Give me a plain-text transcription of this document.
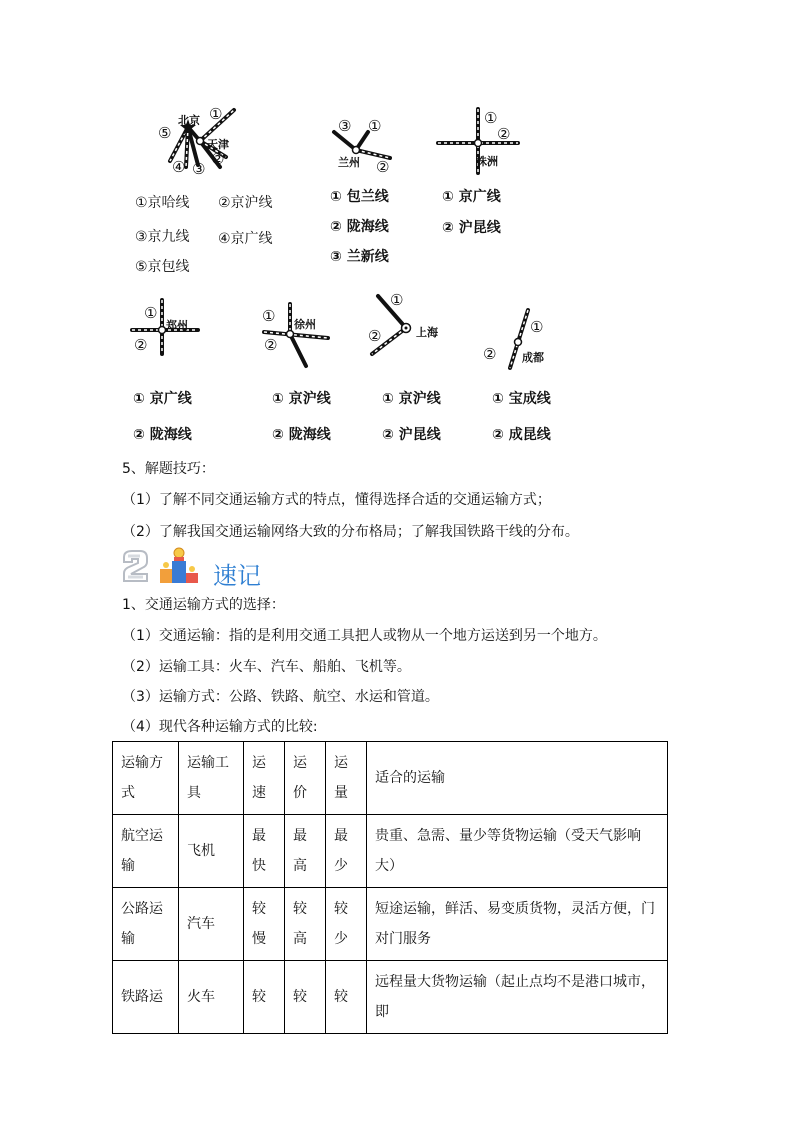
北京
天津
①
②
③
④
⑤
①京哈线 ②京沪线
③京九线 ④京广线
⑤京包线
③ ①
②
兰州
① 包兰线
② 陇海线
③ 兰新线
①
②
株洲
① 京广线
② 沪昆线
①
②
郑州
① 京广线
② 陇海线
①
②
徐州
① 京沪线
② 陇海线
①
②	上海
① 京沪线
② 沪昆线
①
② 成都
① 宝成线
② 成昆线
5、解题技巧：
（1）了解不同交通运输方式的特点，懂得选择合适的交通运输方式；
（2）了解我国交通运输网络大致的分布格局；了解我国铁路干线的分布。
速记
1、交通运输方式的选择：
（1）交通运输：指的是利用交通工具把人或物从一个地方运送到另一个地方。
（2）运输工具：火车、汽车、船舶、飞机等。
（3）运输方式：公路、铁路、航空、水运和管道。
（4）现代各种运输方式的比较:
运输方式	运输工具	运速	运价	运量	适合的运输
航空运输	飞机	最快	最高	最少	贵重、急需、量少等货物运输（受天气影响大）
公路运输	汽车	较慢	较高	较少	短途运输，鲜活、易变质货物，灵活方便，门对门服务
铁路运	火车	较	较	较	远程量大货物运输（起止点均不是港口城市，即
